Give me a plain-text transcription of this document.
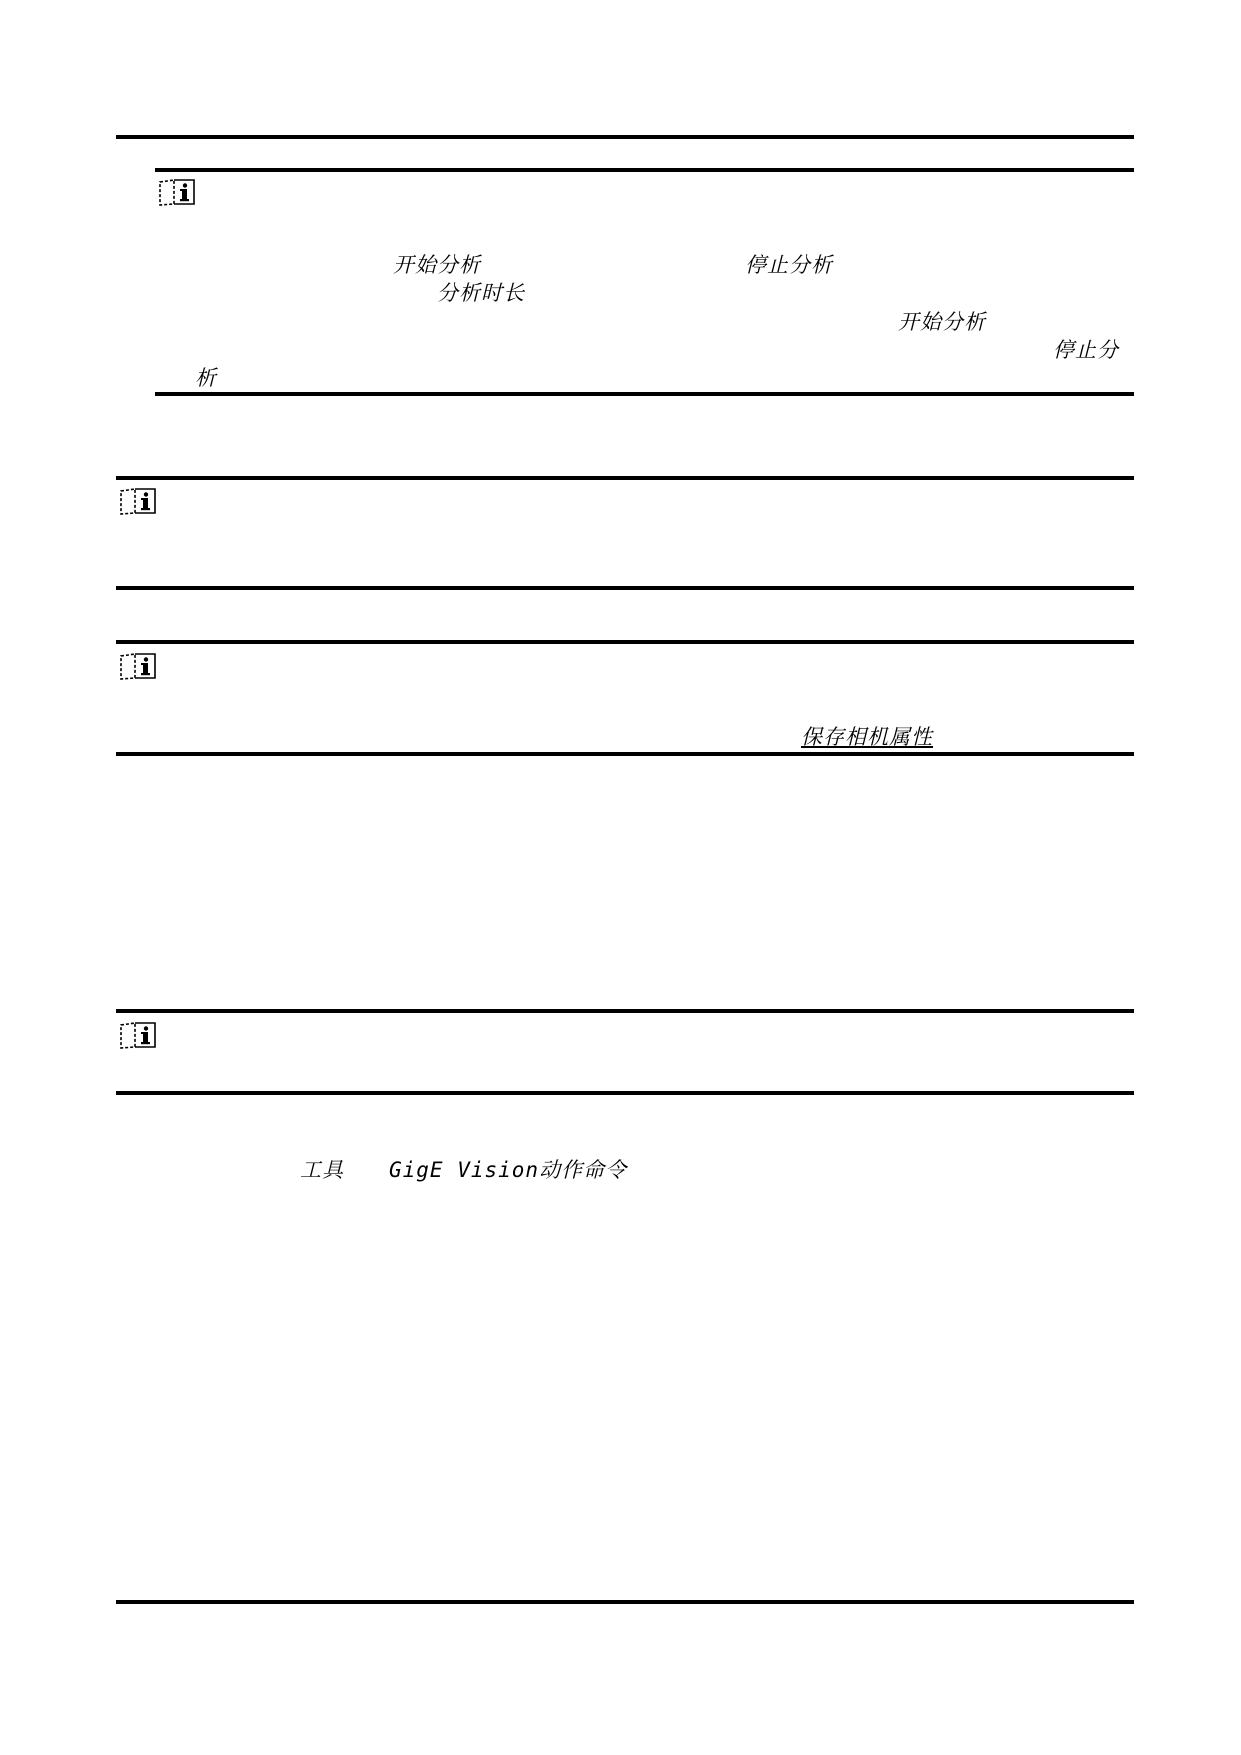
开始分析	停止分析
分析时长
开始分析
停止分
析
保存相机属性
工具 GigE Vision动作命令
